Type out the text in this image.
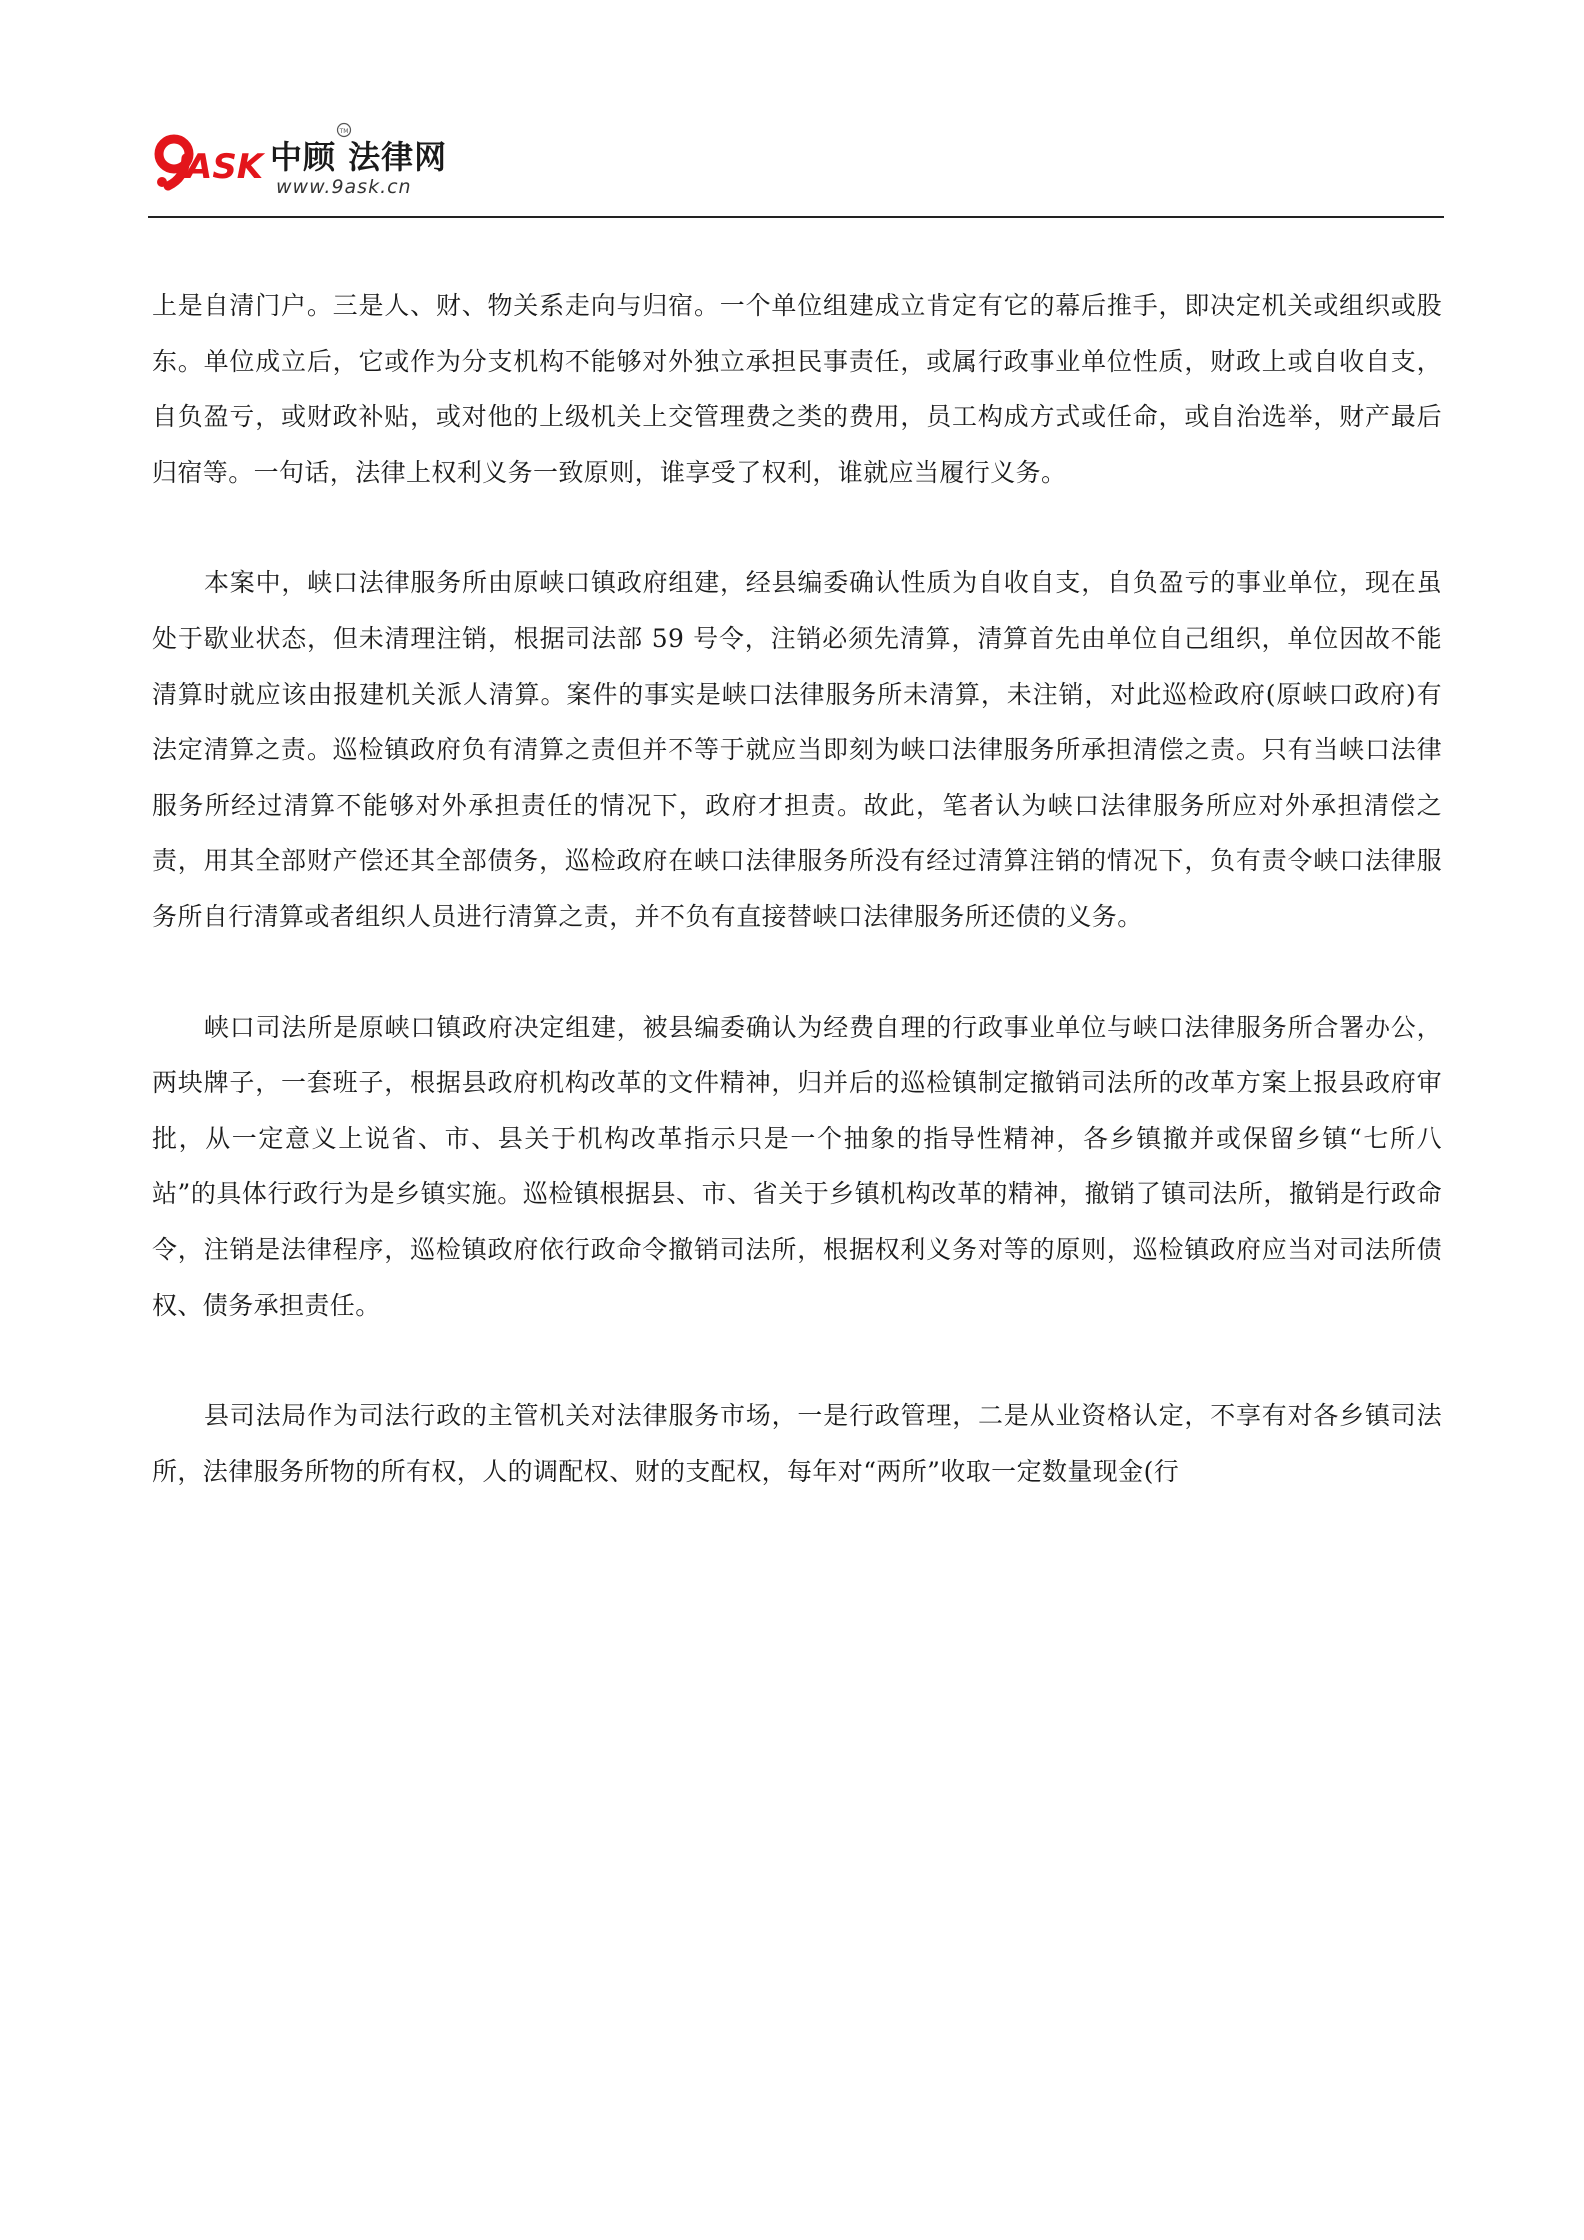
ASK
TM
中顾 法律网
www.9ask.cn

上是自清门户。三是人、财、物关系走向与归宿。一个单位组建成立肯定有它的幕后推手，即决定机关或组织或股东。单位成立后，它或作为分支机构不能够对外独立承担民事责任，或属行政事业单位性质，财政上或自收自支，自负盈亏，或财政补贴，或对他的上级机关上交管理费之类的费用，员工构成方式或任命，或自治选举，财产最后归宿等。一句话，法律上权利义务一致原则，谁享受了权利，谁就应当履行义务。

本案中，峡口法律服务所由原峡口镇政府组建，经县编委确认性质为自收自支，自负盈亏的事业单位，现在虽处于歇业状态，但未清理注销，根据司法部 59 号令，注销必须先清算，清算首先由单位自己组织，单位因故不能清算时就应该由报建机关派人清算。案件的事实是峡口法律服务所未清算，未注销，对此巡检政府(原峡口政府)有法定清算之责。巡检镇政府负有清算之责但并不等于就应当即刻为峡口法律服务所承担清偿之责。只有当峡口法律服务所经过清算不能够对外承担责任的情况下，政府才担责。故此，笔者认为峡口法律服务所应对外承担清偿之责，用其全部财产偿还其全部债务，巡检政府在峡口法律服务所没有经过清算注销的情况下，负有责令峡口法律服务所自行清算或者组织人员进行清算之责，并不负有直接替峡口法律服务所还债的义务。

峡口司法所是原峡口镇政府决定组建，被县编委确认为经费自理的行政事业单位与峡口法律服务所合署办公，两块牌子，一套班子，根据县政府机构改革的文件精神，归并后的巡检镇制定撤销司法所的改革方案上报县政府审批，从一定意义上说省、市、县关于机构改革指示只是一个抽象的指导性精神，各乡镇撤并或保留乡镇“七所八站”的具体行政行为是乡镇实施。巡检镇根据县、市、省关于乡镇机构改革的精神，撤销了镇司法所，撤销是行政命令，注销是法律程序，巡检镇政府依行政命令撤销司法所，根据权利义务对等的原则，巡检镇政府应当对司法所债权、债务承担责任。

县司法局作为司法行政的主管机关对法律服务市场，一是行政管理，二是从业资格认定，不享有对各乡镇司法所，法律服务所物的所有权，人的调配权、财的支配权，每年对“两所”收取一定数量现金(行
